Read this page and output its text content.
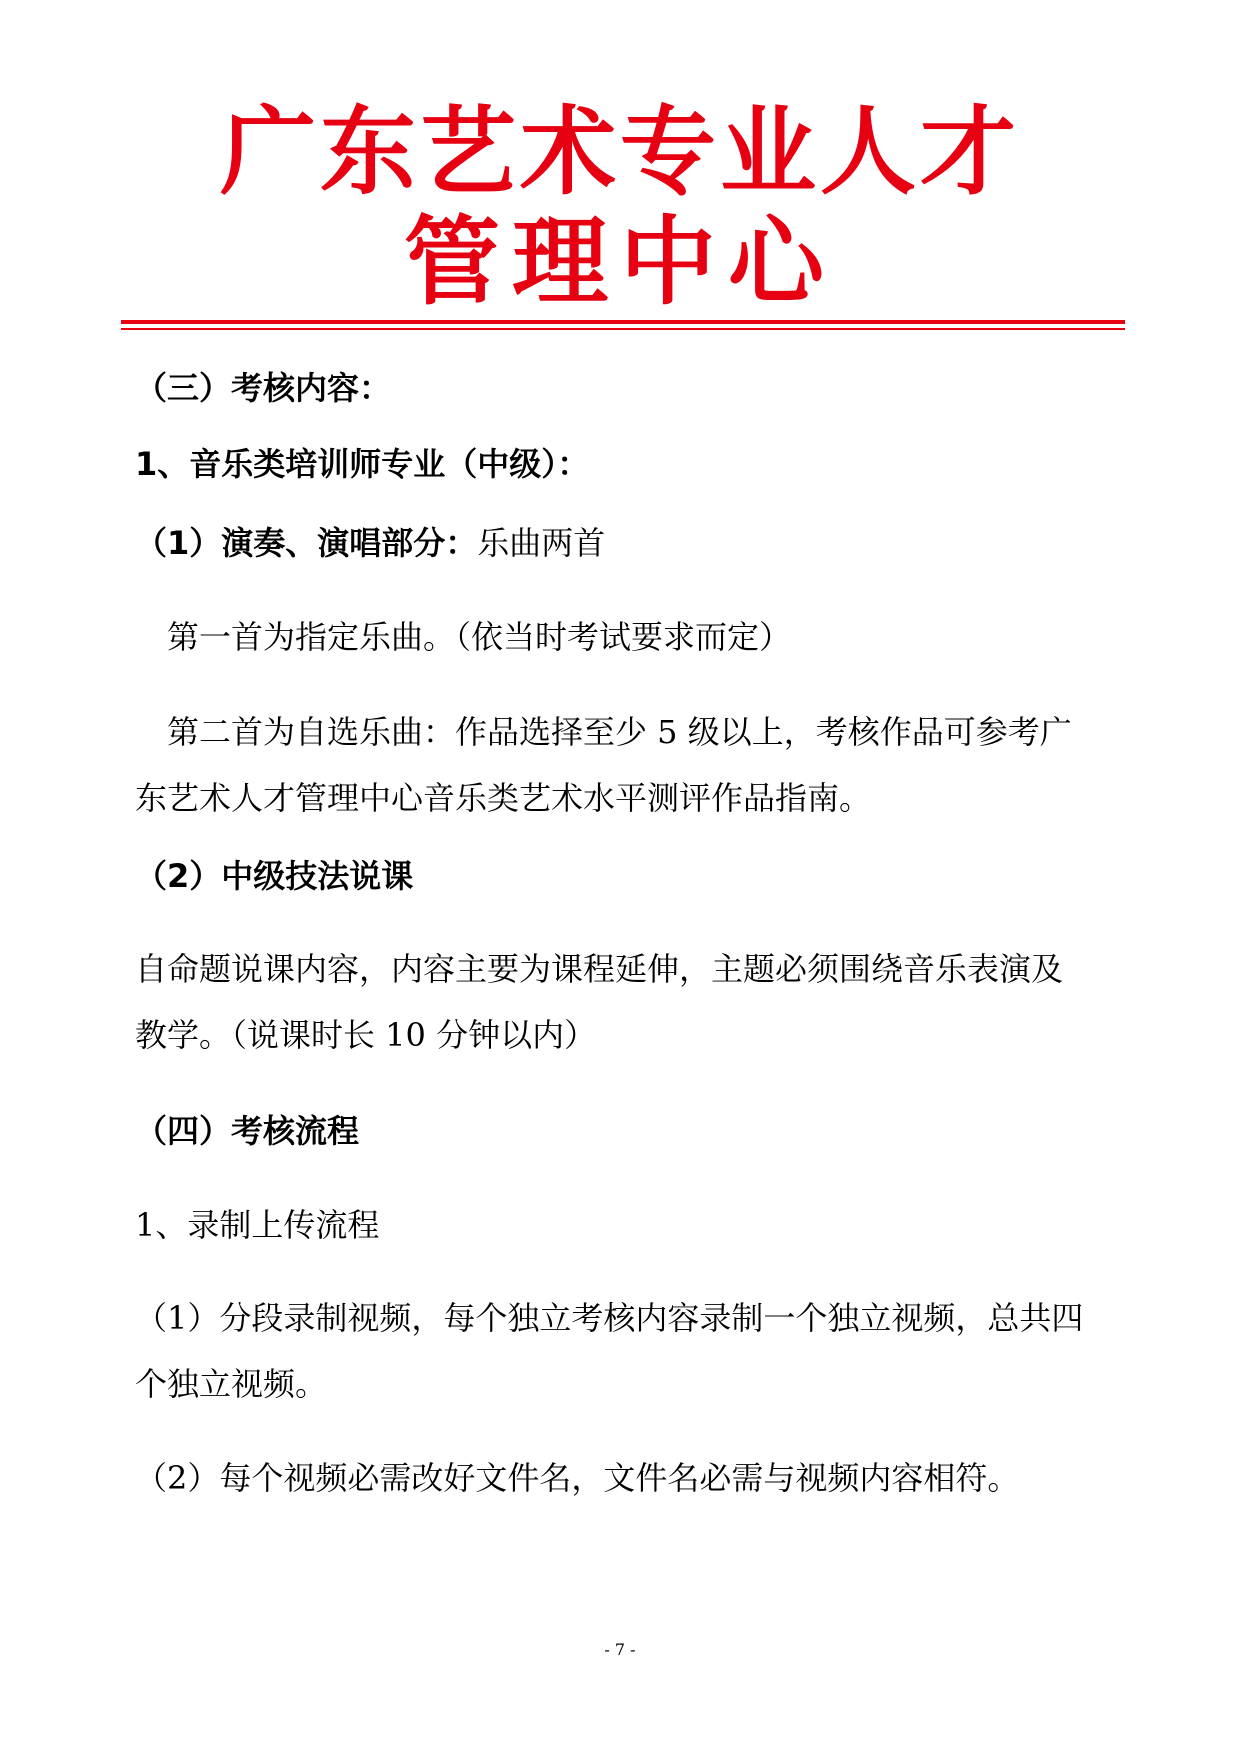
广东艺术专业人才
管理中心
（三）考核内容：
1、音乐类培训师专业（中级）：
（1）演奏、演唱部分：乐曲两首
第一首为指定乐曲。（依当时考试要求而定）
第二首为自选乐曲：作品选择至少 5 级以上，考核作品可参考广
东艺术人才管理中心音乐类艺术水平测评作品指南。
（2）中级技法说课
自命题说课内容，内容主要为课程延伸，主题必须围绕音乐表演及
教学。（说课时长 10 分钟以内）
（四）考核流程
1、录制上传流程
（1）分段录制视频，每个独立考核内容录制一个独立视频，总共四
个独立视频。
（2）每个视频必需改好文件名，文件名必需与视频内容相符。
- 7 -
